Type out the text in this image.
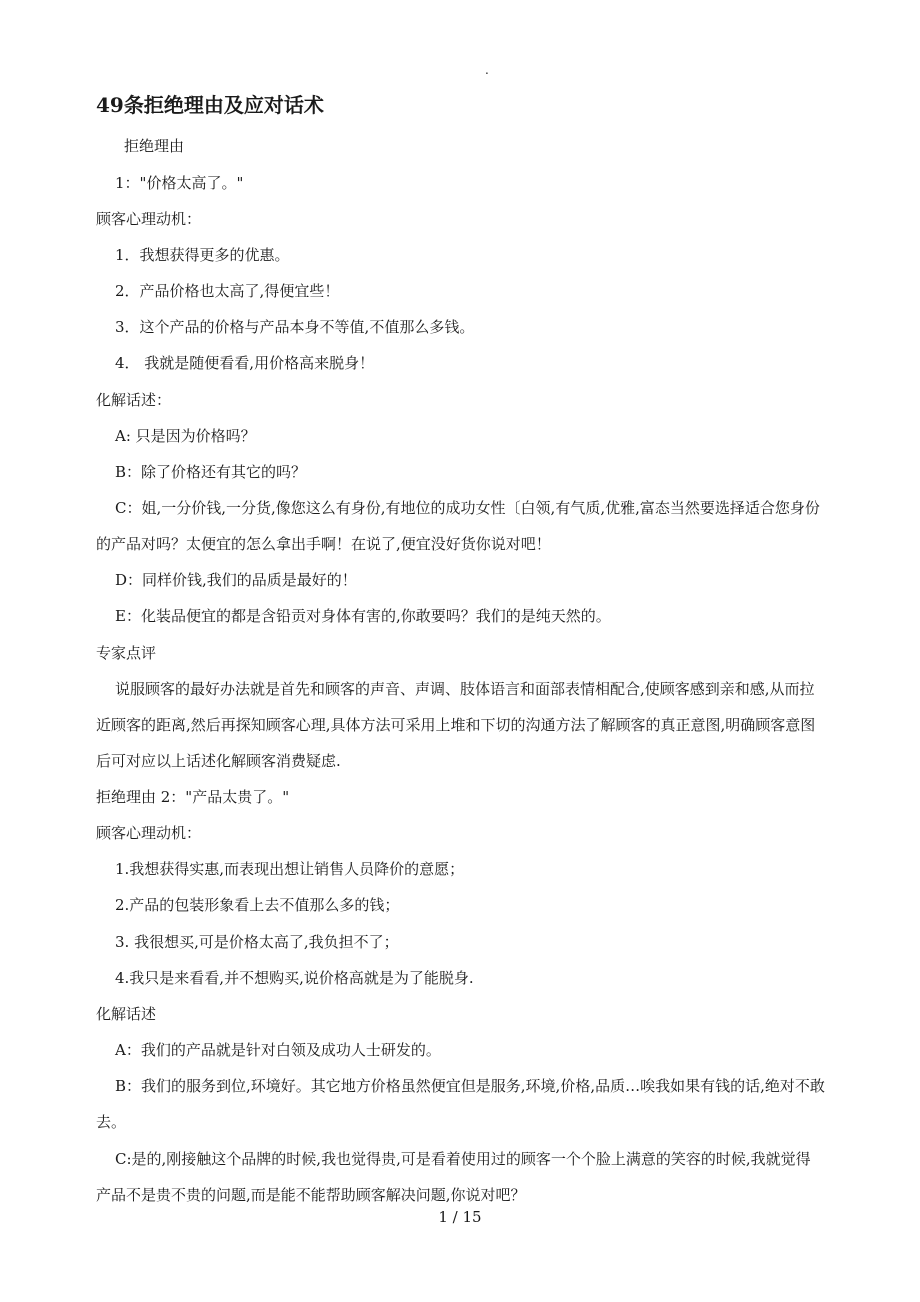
.
49条拒绝理由及应对话术
拒绝理由
1："价格太高了。"
顾客心理动机：
1．我想获得更多的优惠。
2．产品价格也太高了,得便宜些！
3．这个产品的价格与产品本身不等值,不值那么多钱。
4． 我就是随便看看,用价格高来脱身！
化解话述：
A: 只是因为价格吗？
B：除了价格还有其它的吗？
C：姐,一分价钱,一分货,像您这么有身份,有地位的成功女性〔白领,有气质,优雅,富态当然要选择适合您身份
的产品对吗？太便宜的怎么拿出手啊！在说了,便宜没好货你说对吧！
D：同样价钱,我们的品质是最好的！
E：化装品便宜的都是含铅贡对身体有害的,你敢要吗？我们的是纯天然的。
专家点评
说服顾客的最好办法就是首先和顾客的声音、声调、肢体语言和面部表情相配合,使顾客感到亲和感,从而拉
近顾客的距离,然后再探知顾客心理,具体方法可采用上堆和下切的沟通方法了解顾客的真正意图,明确顾客意图
后可对应以上话述化解顾客消费疑虑.
拒绝理由 2："产品太贵了。"
顾客心理动机：
1.我想获得实惠,而表现出想让销售人员降价的意愿；
2.产品的包装形象看上去不值那么多的钱；
3. 我很想买,可是价格太高了,我负担不了；
4.我只是来看看,并不想购买,说价格高就是为了能脱身.
化解话述
A：我们的产品就是针对白领及成功人士研发的。
B：我们的服务到位,环境好。其它地方价格虽然便宜但是服务,环境,价格,品质…唉我如果有钱的话,绝对不敢
去。
C:是的,刚接触这个品牌的时候,我也觉得贵,可是看着使用过的顾客一个个脸上满意的笑容的时候,我就觉得
产品不是贵不贵的问题,而是能不能帮助顾客解决问题,你说对吧？
1 / 15
